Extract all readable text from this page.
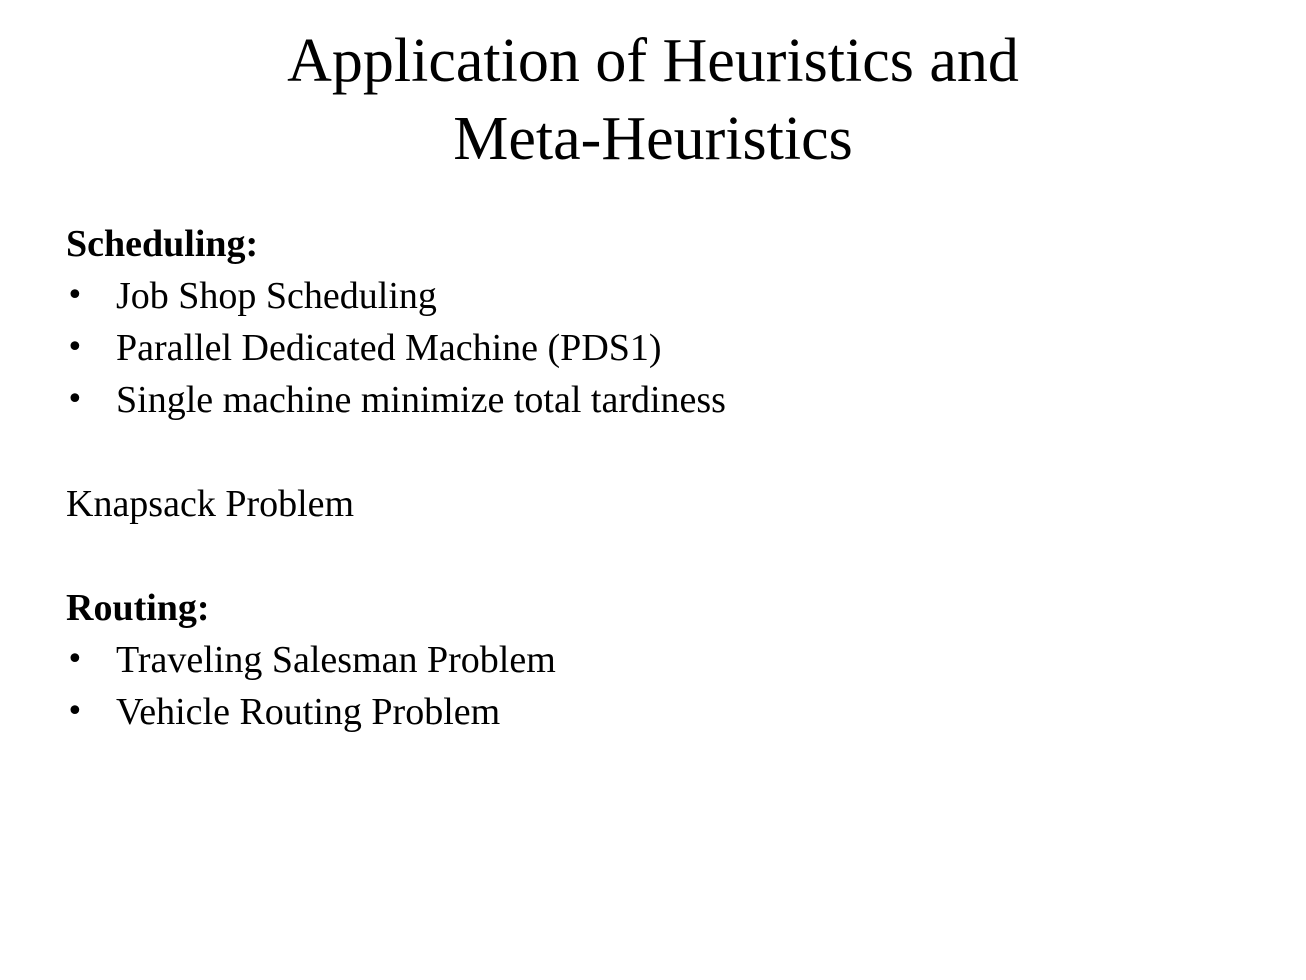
Application of Heuristics and
Meta-Heuristics

Scheduling:

• Job Shop Scheduling
• Parallel Dedicated Machine (PDS1)
• Single machine minimize total tardiness

Knapsack Problem

Routing:

• Traveling Salesman Problem
• Vehicle Routing Problem
